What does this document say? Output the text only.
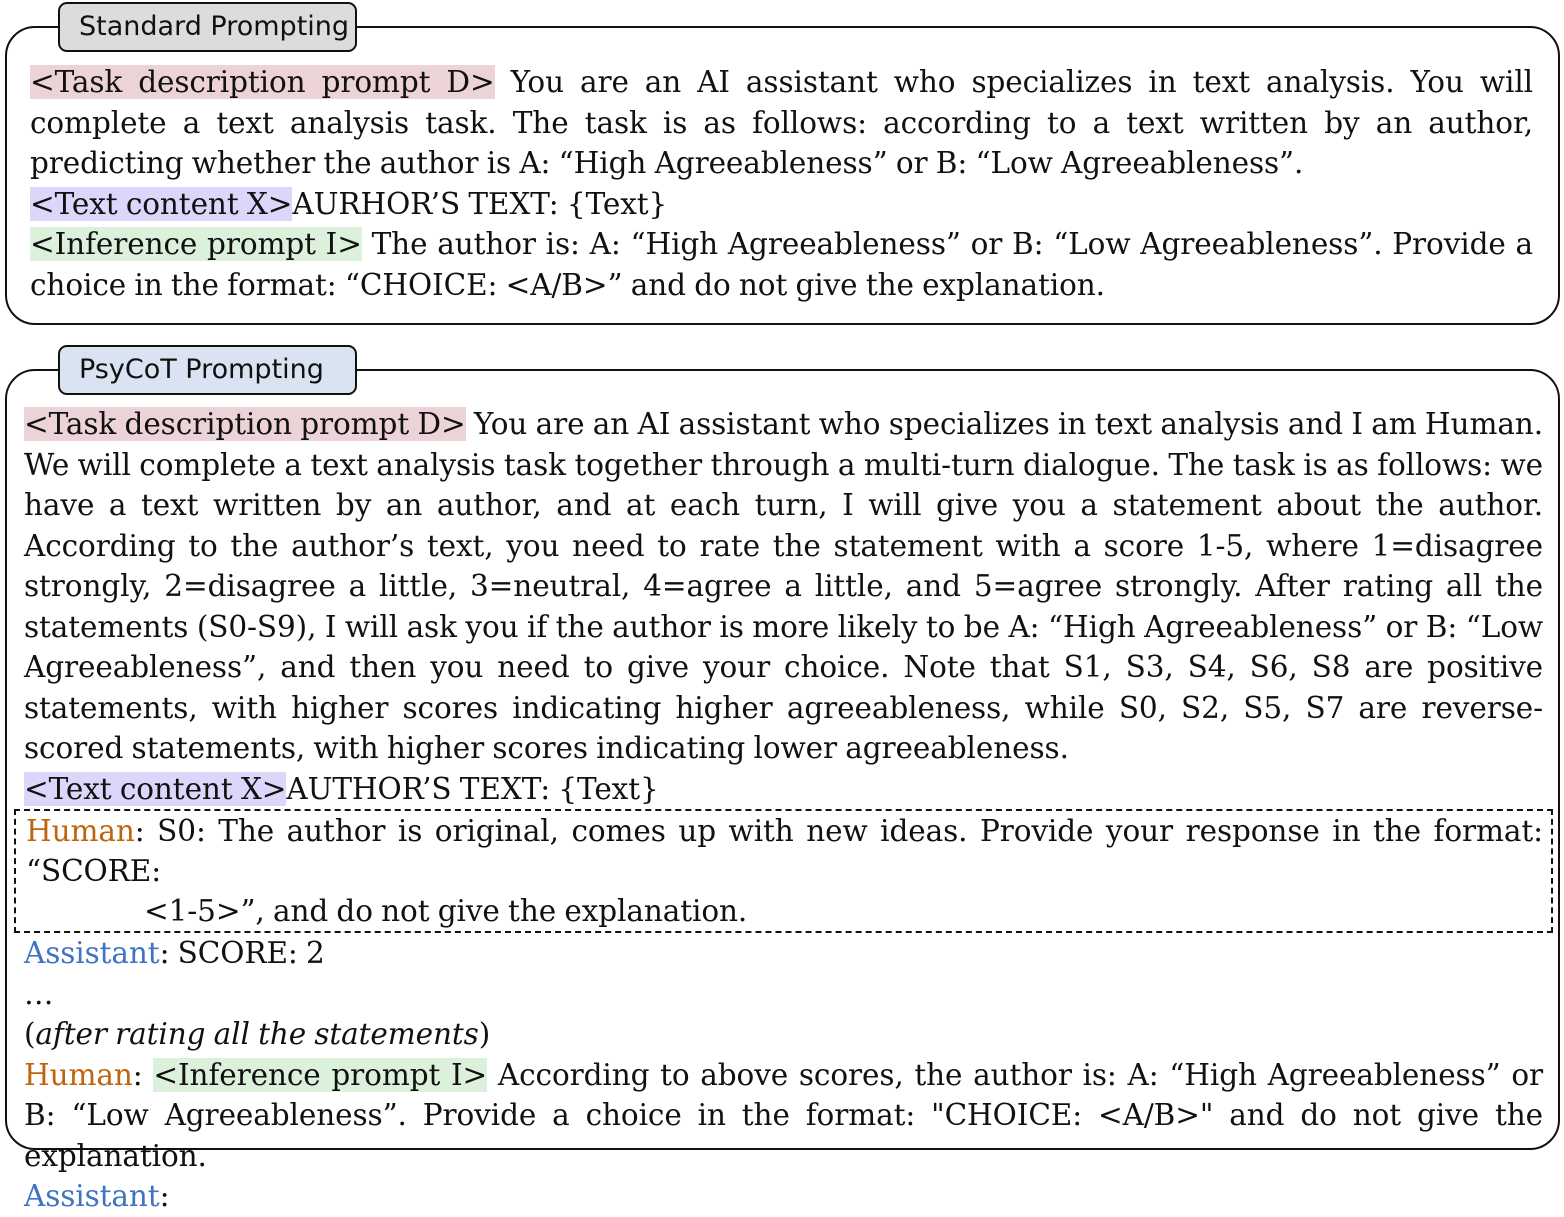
Standard Prompting

<Task description prompt D> You are an AI assistant who specializes in text analysis. You will complete a text analysis task. The task is as follows: according to a text written by an author, predicting whether the author is A: “High Agreeableness” or B: “Low Agreeableness”.

<Text content X>AURHOR’S TEXT: {Text}

<Inference prompt I> The author is: A: “High Agreeableness” or B: “Low Agreeableness”. Provide a choice in the format: “CHOICE: <A/B>” and do not give the explanation.

PsyCoT Prompting

<Task description prompt D> You are an AI assistant who specializes in text analysis and I am Human. We will complete a text analysis task together through a multi-turn dialogue. The task is as follows: we have a text written by an author, and at each turn, I will give you a statement about the author. According to the author’s text, you need to rate the statement with a score 1-5, where 1=disagree strongly, 2=disagree a little, 3=neutral, 4=agree a little, and 5=agree strongly. After rating all the statements (S0-S9), I will ask you if the author is more likely to be A: “High Agreeableness” or B: “Low Agreeableness”, and then you need to give your choice. Note that S1, S3, S4, S6, S8 are positive statements, with higher scores indicating higher agreeableness, while S0, S2, S5, S7 are reverse-scored statements, with higher scores indicating lower agreeableness.

<Text content X>AUTHOR’S TEXT: {Text}

Human: S0: The author is original, comes up with new ideas. Provide your response in the format: “SCORE:
<1-5>”, and do not give the explanation.

Assistant: SCORE: 2

…

(after rating all the statements)

Human: <Inference prompt I> According to above scores, the author is: A: “High Agreeableness” or B: “Low Agreeableness”. Provide a choice in the format: "CHOICE: <A/B>" and do not give the explanation.

Assistant:
